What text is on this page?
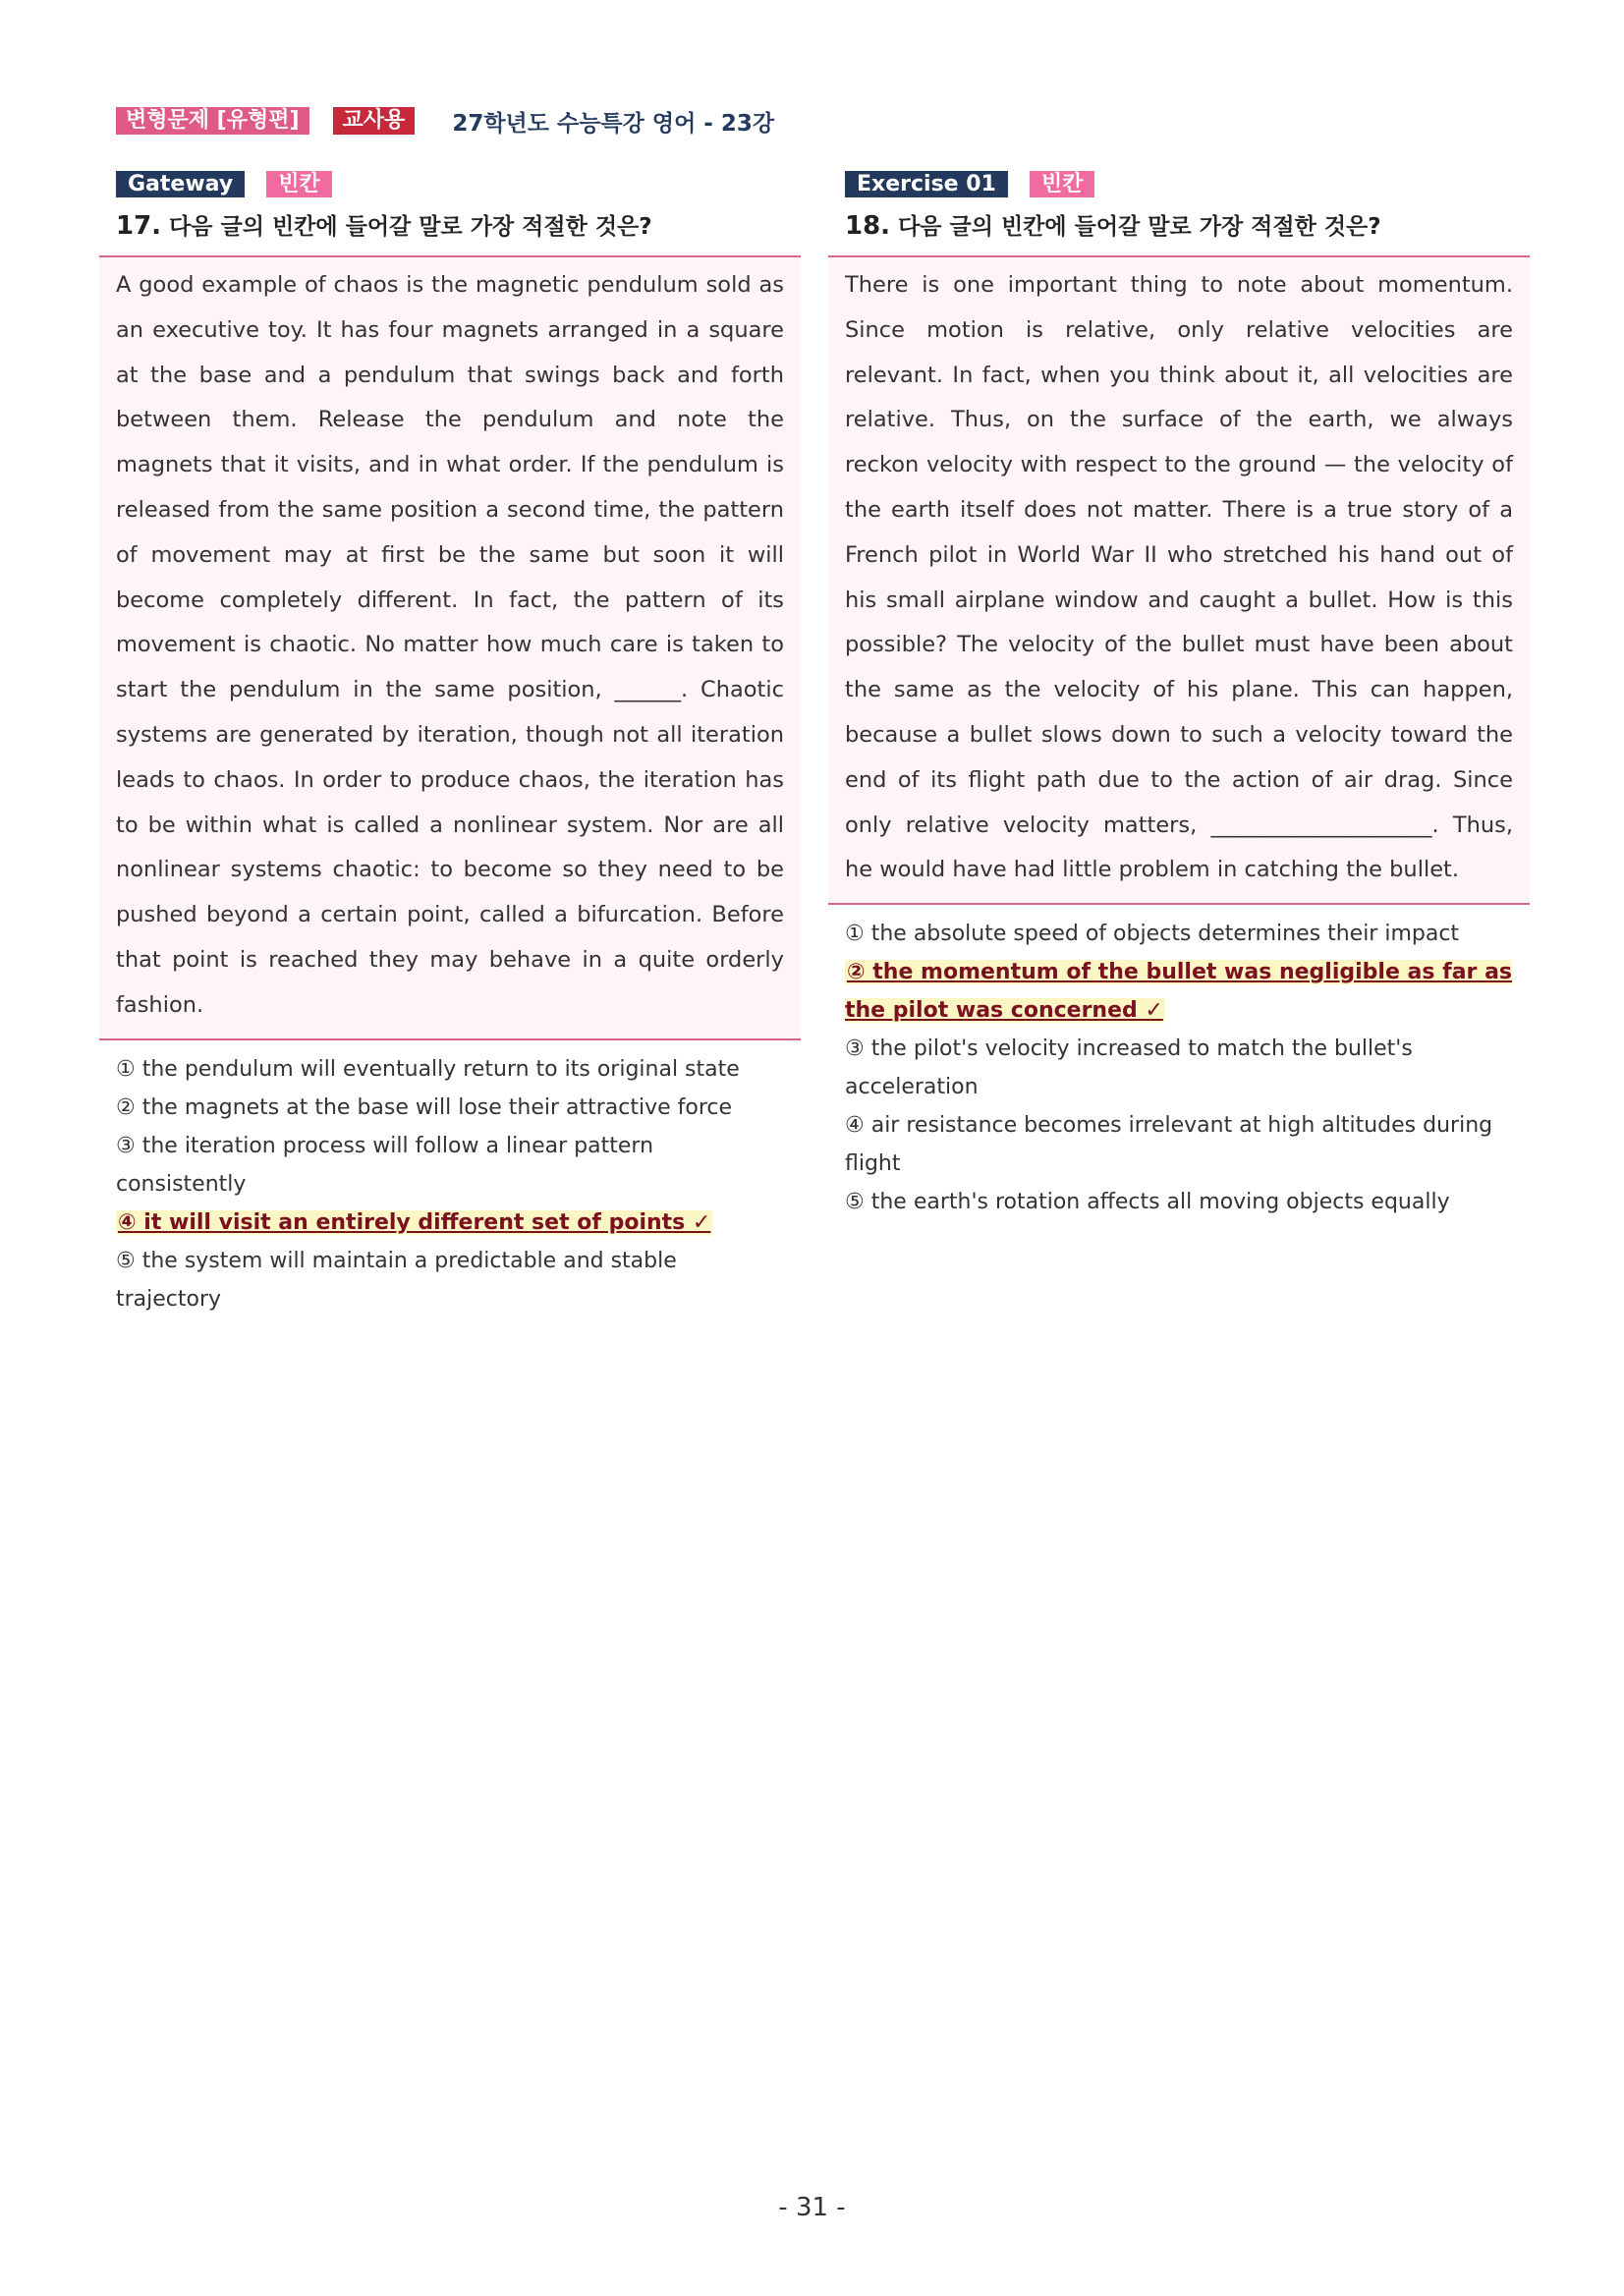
변형문제 [유형편]	교사용	27학년도 수능특강 영어 - 23강
Gateway	빈칸
17. 다음 글의 빈칸에 들어갈 말로 가장 적절한 것은?
A good example of chaos is the magnetic pendulum sold as an executive toy. It has four magnets arranged in a square at the base and a pendulum that swings back and forth between them. Release the pendulum and note the magnets that it visits, and in what order. If the pendulum is released from the same position a second time, the pattern of movement may at first be the same but soon it will become completely different. In fact, the pattern of its movement is chaotic. No matter how much care is taken to start the pendulum in the same position, ______. Chaotic systems are generated by iteration, though not all iteration leads to chaos. In order to produce chaos, the iteration has to be within what is called a nonlinear system. Nor are all nonlinear systems chaotic: to become so they need to be pushed beyond a certain point, called a bifurcation. Before that point is reached they may behave in a quite orderly fashion.
① the pendulum will eventually return to its original state
② the magnets at the base will lose their attractive force
③ the iteration process will follow a linear pattern consistently
④ it will visit an entirely different set of points ✓
⑤ the system will maintain a predictable and stable trajectory
Exercise 01	빈칸
18. 다음 글의 빈칸에 들어갈 말로 가장 적절한 것은?
There is one important thing to note about momentum. Since motion is relative, only relative velocities are relevant. In fact, when you think about it, all velocities are relative. Thus, on the surface of the earth, we always reckon velocity with respect to the ground — the velocity of the earth itself does not matter. There is a true story of a French pilot in World War II who stretched his hand out of his small airplane window and caught a bullet. How is this possible? The velocity of the bullet must have been about the same as the velocity of his plane. This can happen, because a bullet slows down to such a velocity toward the end of its flight path due to the action of air drag. Since only relative velocity matters, ____________________. Thus, he would have had little problem in catching the bullet.
① the absolute speed of objects determines their impact
② the momentum of the bullet was negligible as far as the pilot was concerned ✓
③ the pilot's velocity increased to match the bullet's acceleration
④ air resistance becomes irrelevant at high altitudes during flight
⑤ the earth's rotation affects all moving objects equally
- 31 -
